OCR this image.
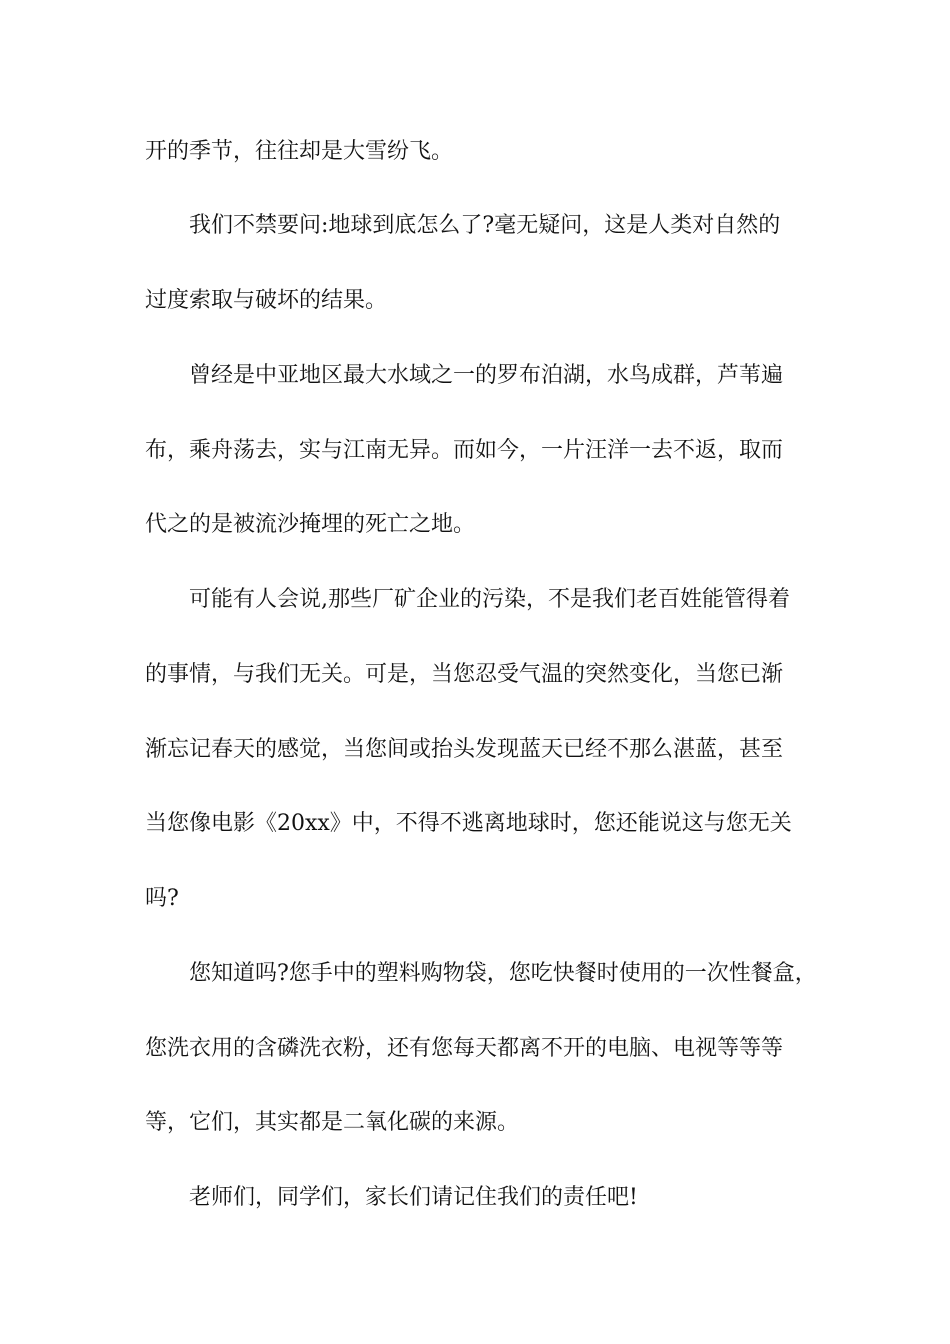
开的季节，往往却是大雪纷飞。
我们不禁要问:地球到底怎么了?毫无疑问，这是人类对自然的
过度索取与破坏的结果。
曾经是中亚地区最大水域之一的罗布泊湖，水鸟成群，芦苇遍
布，乘舟荡去，实与江南无异。而如今，一片汪洋一去不返，取而
代之的是被流沙掩埋的死亡之地。
可能有人会说,那些厂矿企业的污染，不是我们老百姓能管得着
的事情，与我们无关。可是，当您忍受气温的突然变化，当您已渐
渐忘记春天的感觉，当您间或抬头发现蓝天已经不那么湛蓝，甚至
当您像电影《20xx》中，不得不逃离地球时，您还能说这与您无关
吗?
您知道吗?您手中的塑料购物袋，您吃快餐时使用的一次性餐盒，
您洗衣用的含磷洗衣粉，还有您每天都离不开的电脑、电视等等等
等，它们，其实都是二氧化碳的来源。
老师们，同学们，家长们请记住我们的责任吧!
